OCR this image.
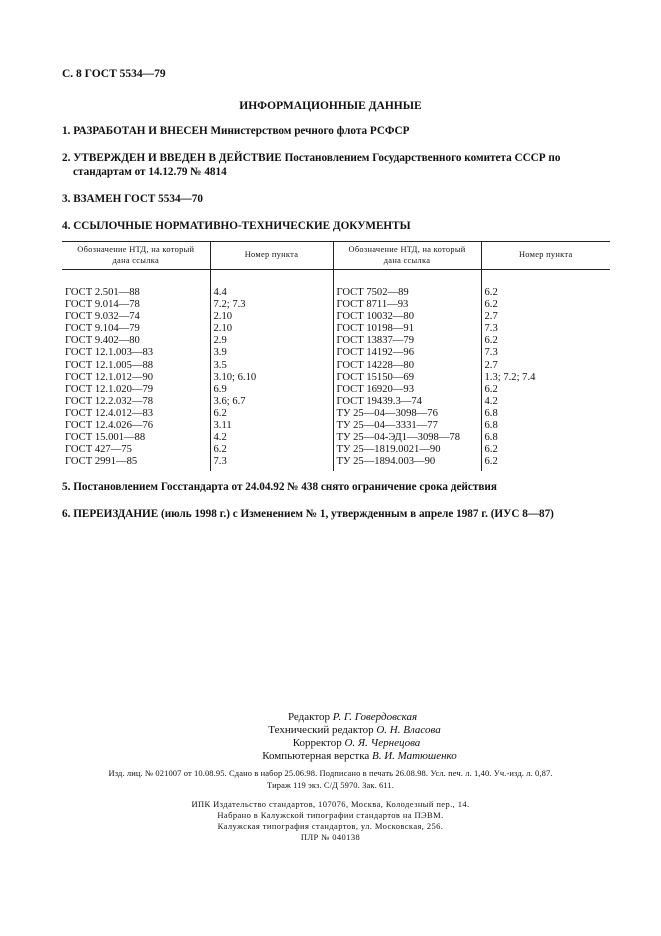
С. 8 ГОСТ 5534—79
ИНФОРМАЦИОННЫЕ ДАННЫЕ
1. РАЗРАБОТАН И ВНЕСЕН Министерством речного флота РСФСР
2. УТВЕРЖДЕН И ВВЕДЕН В ДЕЙСТВИЕ Постановлением Государственного комитета СССР по
стандартам от 14.12.79 № 4814
3. ВЗАМЕН ГОСТ 5534—70
4. ССЫЛОЧНЫЕ НОРМАТИВНО-ТЕХНИЧЕСКИЕ ДОКУМЕНТЫ
Обозначение НТД, на который
дана ссылка	Номер пункта	Обозначение НТД, на который
дана ссылка	Номер пункта
ГОСТ 2.501—88	4.4	ГОСТ 7502—89	6.2
ГОСТ 9.014—78	7.2; 7.3	ГОСТ 8711—93	6.2
ГОСТ 9.032—74	2.10	ГОСТ 10032—80	2.7
ГОСТ 9.104—79	2.10	ГОСТ 10198—91	7.3
ГОСТ 9.402—80	2.9	ГОСТ 13837—79	6.2
ГОСТ 12.1.003—83	3.9	ГОСТ 14192—96	7.3
ГОСТ 12.1.005—88	3.5	ГОСТ 14228—80	2.7
ГОСТ 12.1.012—90	3.10; 6.10	ГОСТ 15150—69	1.3; 7.2; 7.4
ГОСТ 12.1.020—79	6.9	ГОСТ 16920—93	6.2
ГОСТ 12.2.032—78	3.6; 6.7	ГОСТ 19439.3—74	4.2
ГОСТ 12.4.012—83	6.2	ТУ 25—04—3098—76	6.8
ГОСТ 12.4.026—76	3.11	ТУ 25—04—3331—77	6.8
ГОСТ 15.001—88	4.2	ТУ 25—04-ЭД1—3098—78	6.8
ГОСТ 427—75	6.2	ТУ 25—1819.0021—90	6.2
ГОСТ 2991—85	7.3	ТУ 25—1894.003—90	6.2
5. Постановлением Госстандарта от 24.04.92 № 438 снято ограничение срока действия
6. ПЕРЕИЗДАНИЕ (июль 1998 г.) с Изменением № 1, утвержденным в апреле 1987 г. (ИУС 8—87)
Редактор Р. Г. Говердовская
Технический редактор О. Н. Власова
Корректор О. Я. Чернецова
Компьютерная верстка В. И. Матюшенко
Изд. лиц. № 021007 от 10.08.95. Сдано в набор 25.06.98. Подписано в печать 26.08.98. Усл. печ. л. 1,40. Уч.-изд. л. 0,87.
Тираж 119 экз. С/Д 5970. Зак. 611.
ИПК Издательство стандартов, 107076, Москва, Колодезный пер., 14.
Набрано в Калужской типографии стандартов на ПЭВМ.
Калужская типография стандартов, ул. Московская, 256.
ПЛР № 040138
